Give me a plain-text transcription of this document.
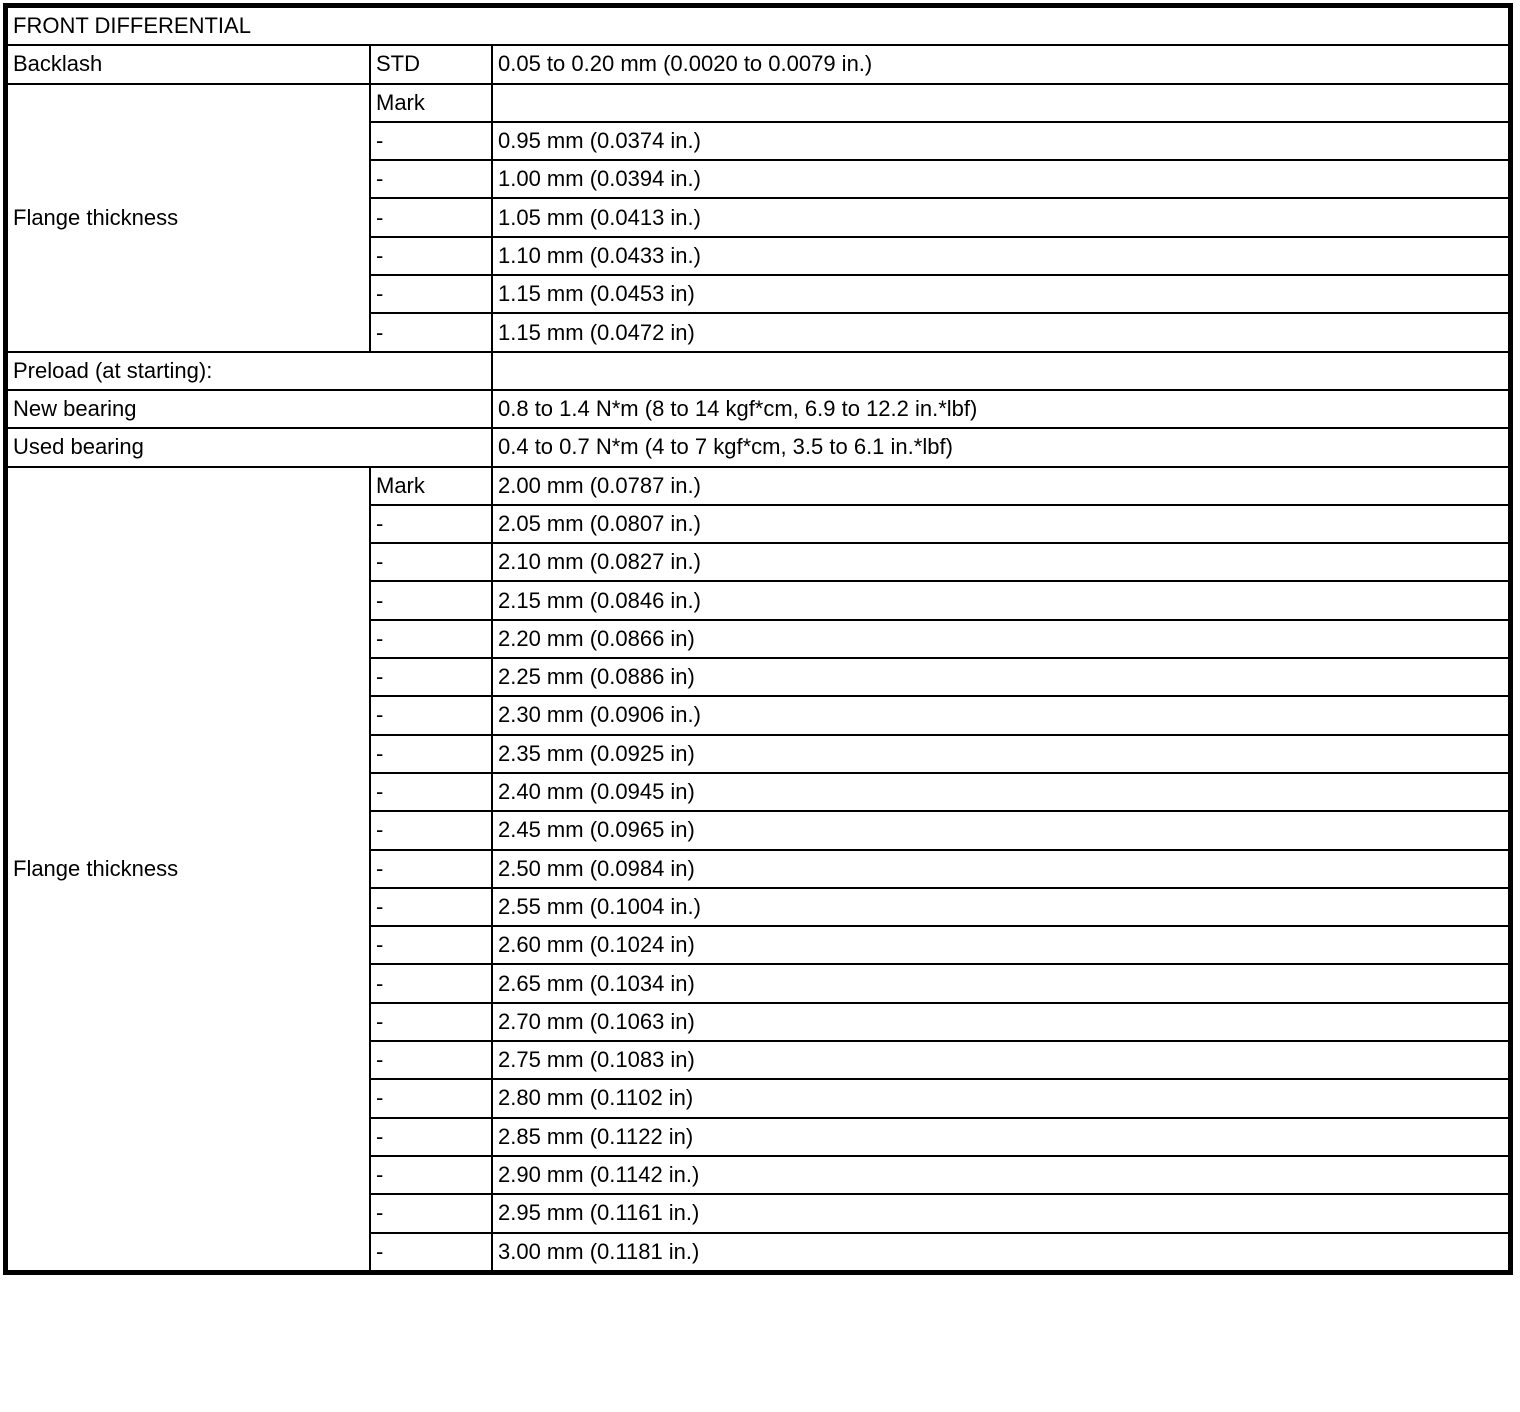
FRONT DIFFERENTIAL		
Backlash	STD	0.05 to 0.20 mm (0.0020 to 0.0079 in.)
Flange thickness	Mark	
	-	0.95 mm (0.0374 in.)
	-	1.00 mm (0.0394 in.)
	-	1.05 mm (0.0413 in.)
	-	1.10 mm (0.0433 in.)
	-	1.15 mm (0.0453 in)
	-	1.15 mm (0.0472 in)
Preload (at starting):		
New bearing		0.8 to 1.4 N*m (8 to 14 kgf*cm, 6.9 to 12.2 in.*lbf)
Used bearing		0.4 to 0.7 N*m (4 to 7 kgf*cm, 3.5 to 6.1 in.*lbf)
Flange thickness	Mark	2.00 mm (0.0787 in.)
	-	2.05 mm (0.0807 in.)
	-	2.10 mm (0.0827 in.)
	-	2.15 mm (0.0846 in.)
	-	2.20 mm (0.0866 in)
	-	2.25 mm (0.0886 in)
	-	2.30 mm (0.0906 in.)
	-	2.35 mm (0.0925 in)
	-	2.40 mm (0.0945 in)
	-	2.45 mm (0.0965 in)
	-	2.50 mm (0.0984 in)
	-	2.55 mm (0.1004 in.)
	-	2.60 mm (0.1024 in)
	-	2.65 mm (0.1034 in)
	-	2.70 mm (0.1063 in)
	-	2.75 mm (0.1083 in)
	-	2.80 mm (0.1102 in)
	-	2.85 mm (0.1122 in)
	-	2.90 mm (0.1142 in.)
	-	2.95 mm (0.1161 in.)
	-	3.00 mm (0.1181 in.)
